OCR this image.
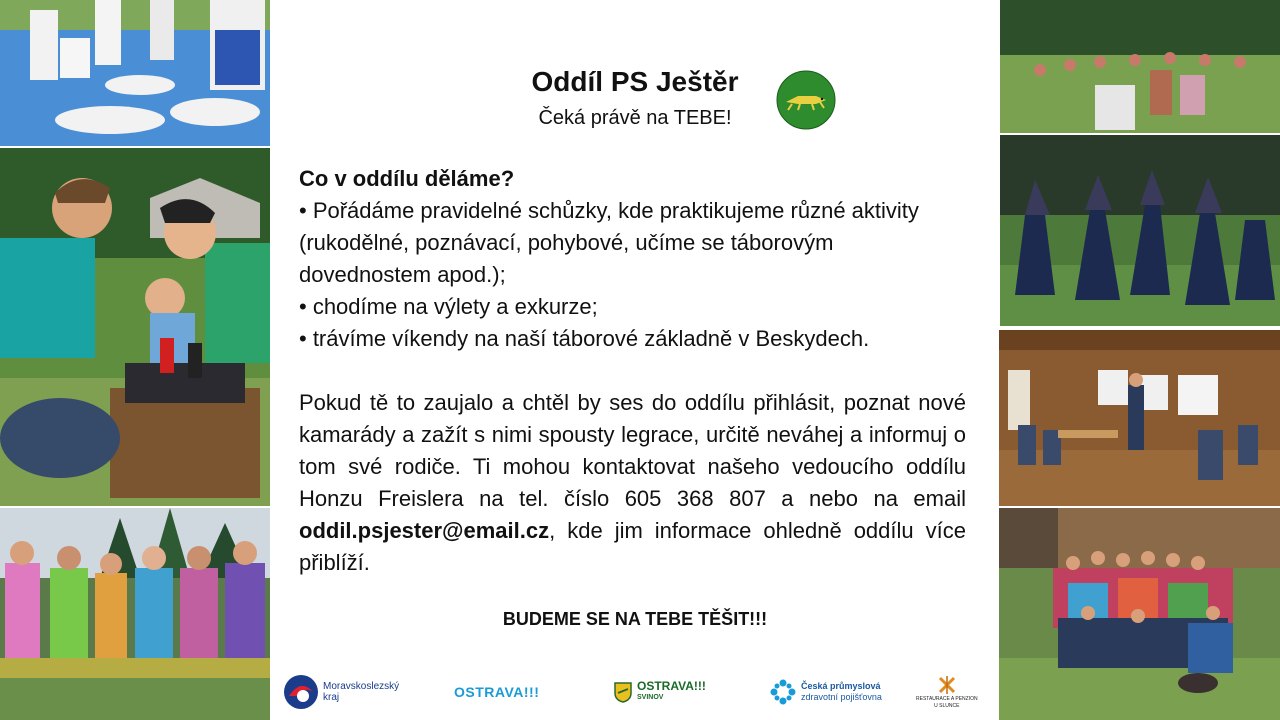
Oddíl PS Ještěr
Čeká právě na TEBE!
Co v oddílu děláme?
• Pořádáme pravidelné schůzky, kde praktikujeme různé aktivity (rukodělné, poznávací, pohybové, učíme se táborovým dovednostem apod.);
• chodíme na výlety a exkurze;
• trávíme víkendy na naší táborové základně v Beskydech.
Pokud tě to zaujalo a chtěl by ses do oddílu přihlásit, poznat nové kamarády a zažít s nimi spousty legrace, určitě neváhej a informuj o tom své rodiče. Ti mohou kontaktovat našeho vedoucího oddílu Honzu Freislera na tel. číslo 605 368 807 a nebo na email oddil.psjester@email.cz, kde jim informace ohledně oddílu více přiblíží.
BUDEME SE NA TEBE TĚŠIT!!!
Moravskoslezský
kraj	OSTRAVA!!!	OSTRAVA!!!
SVINOV
Česká průmyslová
zdravotní pojišťovna	RESTAURACE A PENZION
U SLUNCE
